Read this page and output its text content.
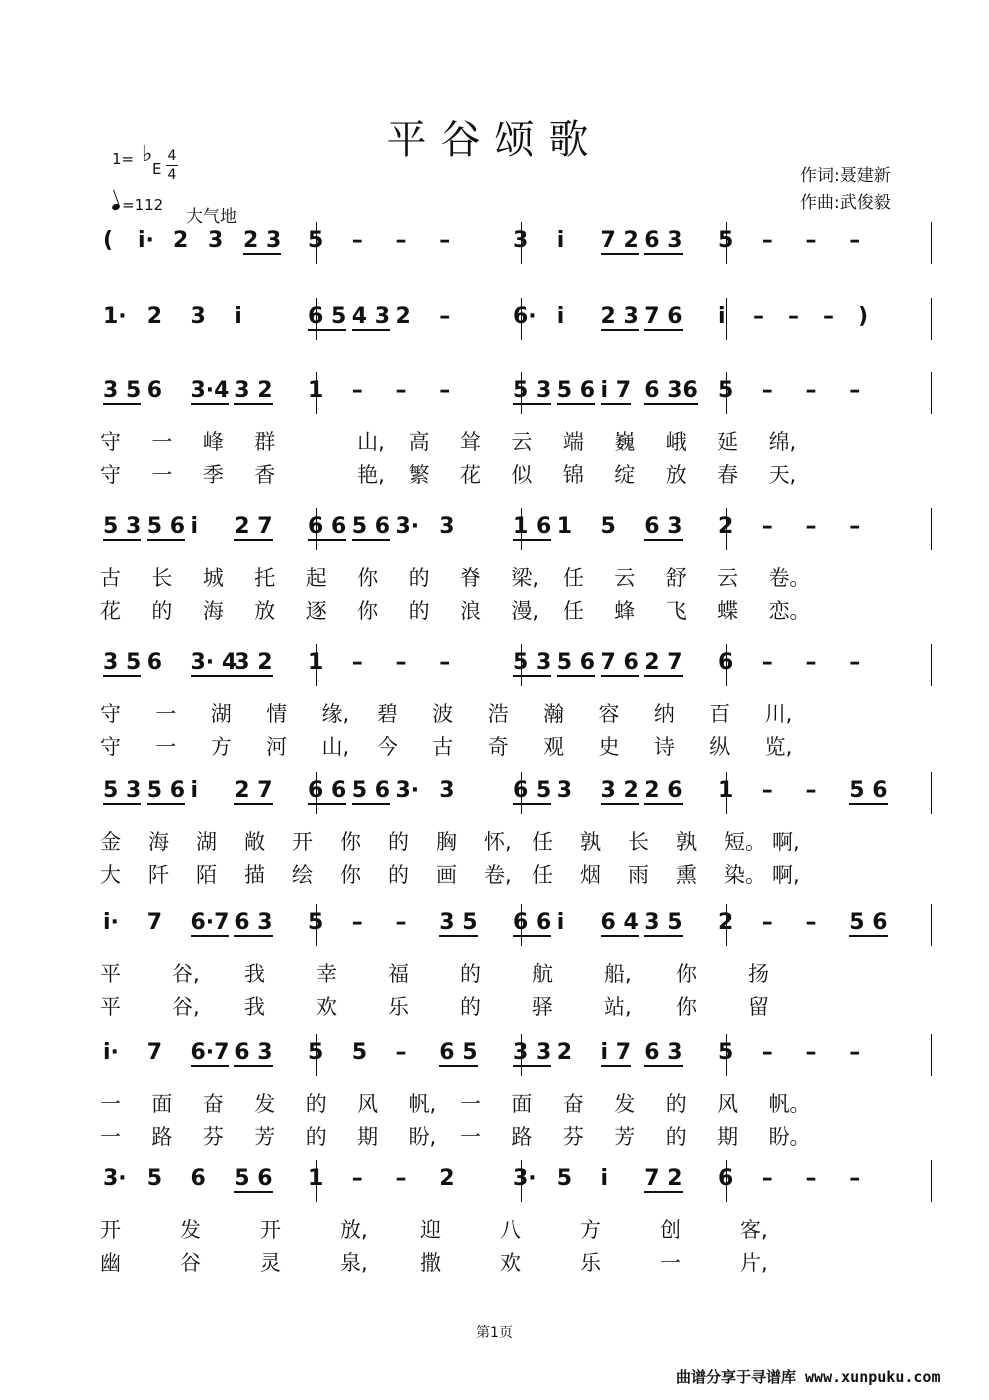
平谷颂歌
1= ♭
E
4
4
=112
大气地
作词:聂建新
作曲:武俊毅
( i· 2 3 2 3 5 – – –	3 i 7 2 6 3 5 – – –
1· 2 3 i	6 5 4 3 2 –	6· i 2 3 7 6 i – – – )
3 5 6 3·4 3 2 1 – – –	5 3 5 6 i 7 6 36 5 – – –
守 一 峰 群	山, 高 耸 云 端 巍 峨 延 绵,
守 一 季 香	艳, 繁 花 似 锦 绽 放 春 天,
5 3 5 6 i 2 7 6 6 5 6 3· 3	1 6 1 5 6 3 2 – – –
古 长 城 托 起 你 的 脊 梁, 任 云 舒 云 卷。
花 的 海 放 逐 你 的 浪 漫, 任 蜂 飞 蝶 恋。
3 5 6 3· 4
3 2 1 – – –	5 3 5 6 7 6 2 7 6 – – –
守 一 湖 情 缘, 碧 波 浩 瀚 容 纳 百 川,
守 一 方 河 山, 今 古 奇 观 史 诗 纵 览,
5 3 5 6 i 2 7 6 6 5 6 3· 3	6 5 3 3 2 2 6 1 – – 5 6
金 海 湖 敞 开 你 的 胸 怀, 任 孰 长 孰 短。 啊,
大 阡 陌 描 绘 你 的 画 卷, 任 烟 雨 熏 染。 啊,
i· 7 6·7 6 3 5 – – 3 5 6 6 i 6 4 3 5 2 – – 5 6
平 谷, 我 幸 福 的 航 船, 你 扬
平 谷, 我 欢 乐 的 驿 站, 你 留
i· 7 6·7 6 3 5 5 – 6 5 3 3 2 i 7 6 3 5 – – –
一 面 奋 发 的 风 帆, 一 面 奋 发 的 风 帆。
一 路 芬 芳 的 期 盼, 一 路 芬 芳 的 期 盼。
3· 5 6 5 6 1 – – 2	3· 5 i 7 2 6 – – –
开	发	开	放, 迎	八	方	创	客,
幽	谷	灵	泉, 撒	欢	乐	一	片,
第1页
曲谱分享于寻谱库 www.xunpuku.com
